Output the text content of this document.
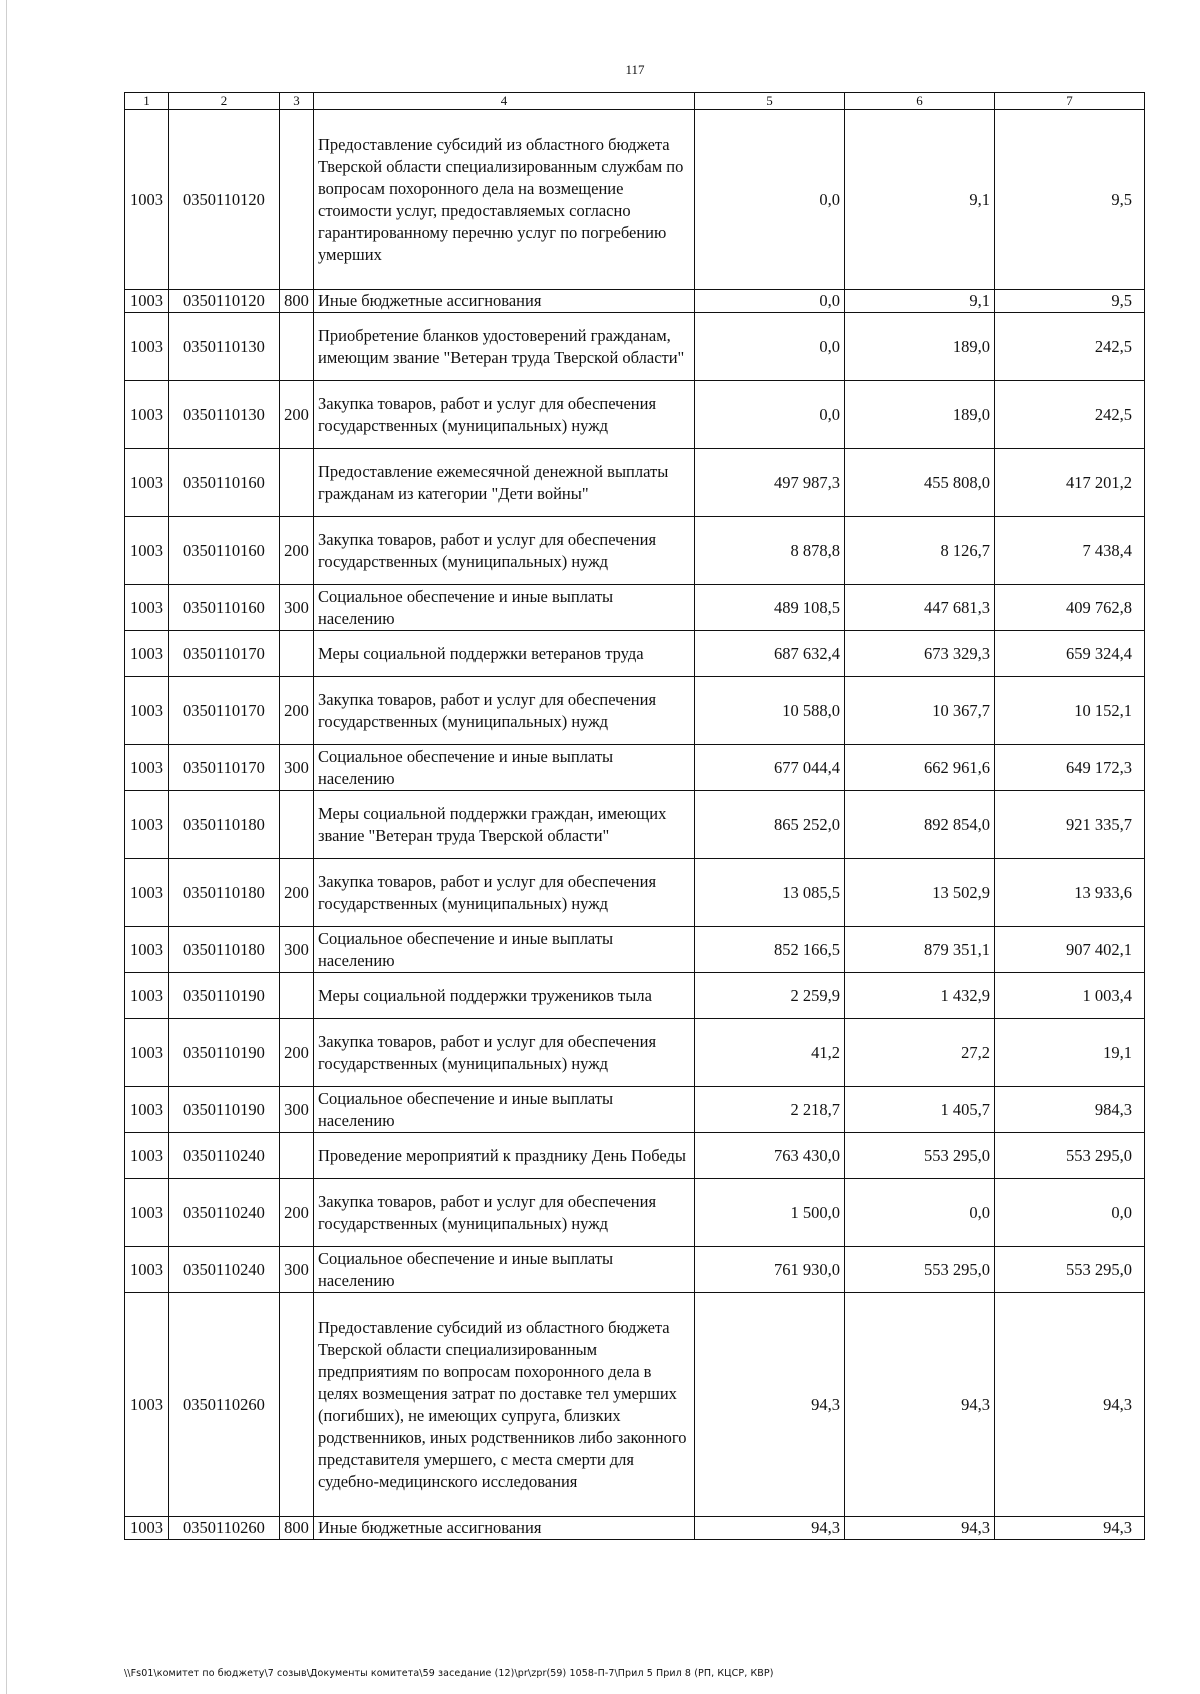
117
1	2	3	4	5	6	7
1003	0350110120		Предоставление субсидий из областного бюджета Тверской области специализированным службам по вопросам похоронного дела на возмещение стоимости услуг, предоставляемых согласно гарантированному перечню услуг по погребению умерших	0,0	9,1	9,5
1003	0350110120	800	Иные бюджетные ассигнования	0,0	9,1	9,5
1003	0350110130		Приобретение бланков удостоверений гражданам, имеющим звание "Ветеран труда Тверской области"	0,0	189,0	242,5
1003	0350110130	200	Закупка товаров, работ и услуг для обеспечения государственных (муниципальных) нужд	0,0	189,0	242,5
1003	0350110160		Предоставление ежемесячной денежной выплаты гражданам из категории "Дети войны"	497 987,3	455 808,0	417 201,2
1003	0350110160	200	Закупка товаров, работ и услуг для обеспечения государственных (муниципальных) нужд	8 878,8	8 126,7	7 438,4
1003	0350110160	300	Социальное обеспечение и иные выплаты населению	489 108,5	447 681,3	409 762,8
1003	0350110170		Меры социальной поддержки ветеранов труда	687 632,4	673 329,3	659 324,4
1003	0350110170	200	Закупка товаров, работ и услуг для обеспечения государственных (муниципальных) нужд	10 588,0	10 367,7	10 152,1
1003	0350110170	300	Социальное обеспечение и иные выплаты населению	677 044,4	662 961,6	649 172,3
1003	0350110180		Меры социальной поддержки граждан, имеющих звание "Ветеран труда Тверской области"	865 252,0	892 854,0	921 335,7
1003	0350110180	200	Закупка товаров, работ и услуг для обеспечения государственных (муниципальных) нужд	13 085,5	13 502,9	13 933,6
1003	0350110180	300	Социальное обеспечение и иные выплаты населению	852 166,5	879 351,1	907 402,1
1003	0350110190		Меры социальной поддержки тружеников тыла	2 259,9	1 432,9	1 003,4
1003	0350110190	200	Закупка товаров, работ и услуг для обеспечения государственных (муниципальных) нужд	41,2	27,2	19,1
1003	0350110190	300	Социальное обеспечение и иные выплаты населению	2 218,7	1 405,7	984,3
1003	0350110240		Проведение мероприятий к празднику День Победы	763 430,0	553 295,0	553 295,0
1003	0350110240	200	Закупка товаров, работ и услуг для обеспечения государственных (муниципальных) нужд	1 500,0	0,0	0,0
1003	0350110240	300	Социальное обеспечение и иные выплаты населению	761 930,0	553 295,0	553 295,0
1003	0350110260		Предоставление субсидий из областного бюджета Тверской области специализированным предприятиям по вопросам похоронного дела в целях возмещения затрат по доставке тел умерших (погибших), не имеющих супруга, близких родственников, иных родственников либо законного представителя умершего, с места смерти для судебно-медицинского исследования	94,3	94,3	94,3
1003	0350110260	800	Иные бюджетные ассигнования	94,3	94,3	94,3
\\Fs01\комитет по бюджету\7 созыв\Документы комитета\59 заседание (12)\pr\zpr(59) 1058-П-7\Прил 5 Прил 8 (РП, КЦСР, КВР)
